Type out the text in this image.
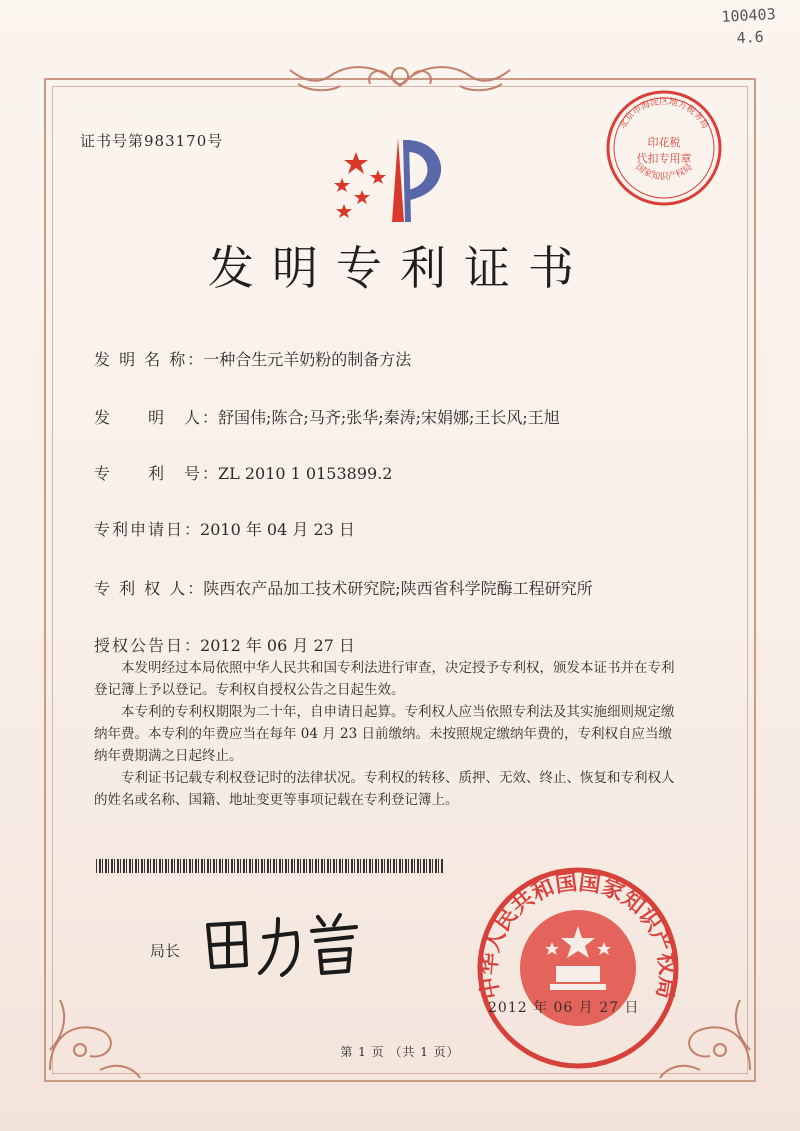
100403
4.6
证书号第983170号	印花税
代扣专用章
北京市海淀区地方税务局
国家知识产权局
发明专利证书
发 明 名 称：一种合生元羊奶粉的制备方法
发　　明　人：舒国伟;陈合;马齐;张华;秦涛;宋娟娜;王长风;王旭
专　　利　号：ZL 2010 1 0153899.2
专利申请日：2010 年 04 月 23 日
专 利 权 人：陕西农产品加工技术研究院;陕西省科学院酶工程研究所
授权公告日：2012 年 06 月 27 日

本发明经过本局依照中华人民共和国专利法进行审查，决定授予专利权，颁发本证书并在专利登记簿上予以登记。专利权自授权公告之日起生效。

本专利的专利权期限为二十年，自申请日起算。专利权人应当依照专利法及其实施细则规定缴纳年费。本专利的年费应当在每年 04 月 23 日前缴纳。未按照规定缴纳年费的，专利权自应当缴纳年费期满之日起终止。

专利证书记载专利权登记时的法律状况。专利权的转移、质押、无效、终止、恢复和专利权人的姓名或名称、国籍、地址变更等事项记载在专利登记簿上。

局长
中华人民共和国国家知识产权局
2012 年 06 月 27 日
第 1 页 （共 1 页）
